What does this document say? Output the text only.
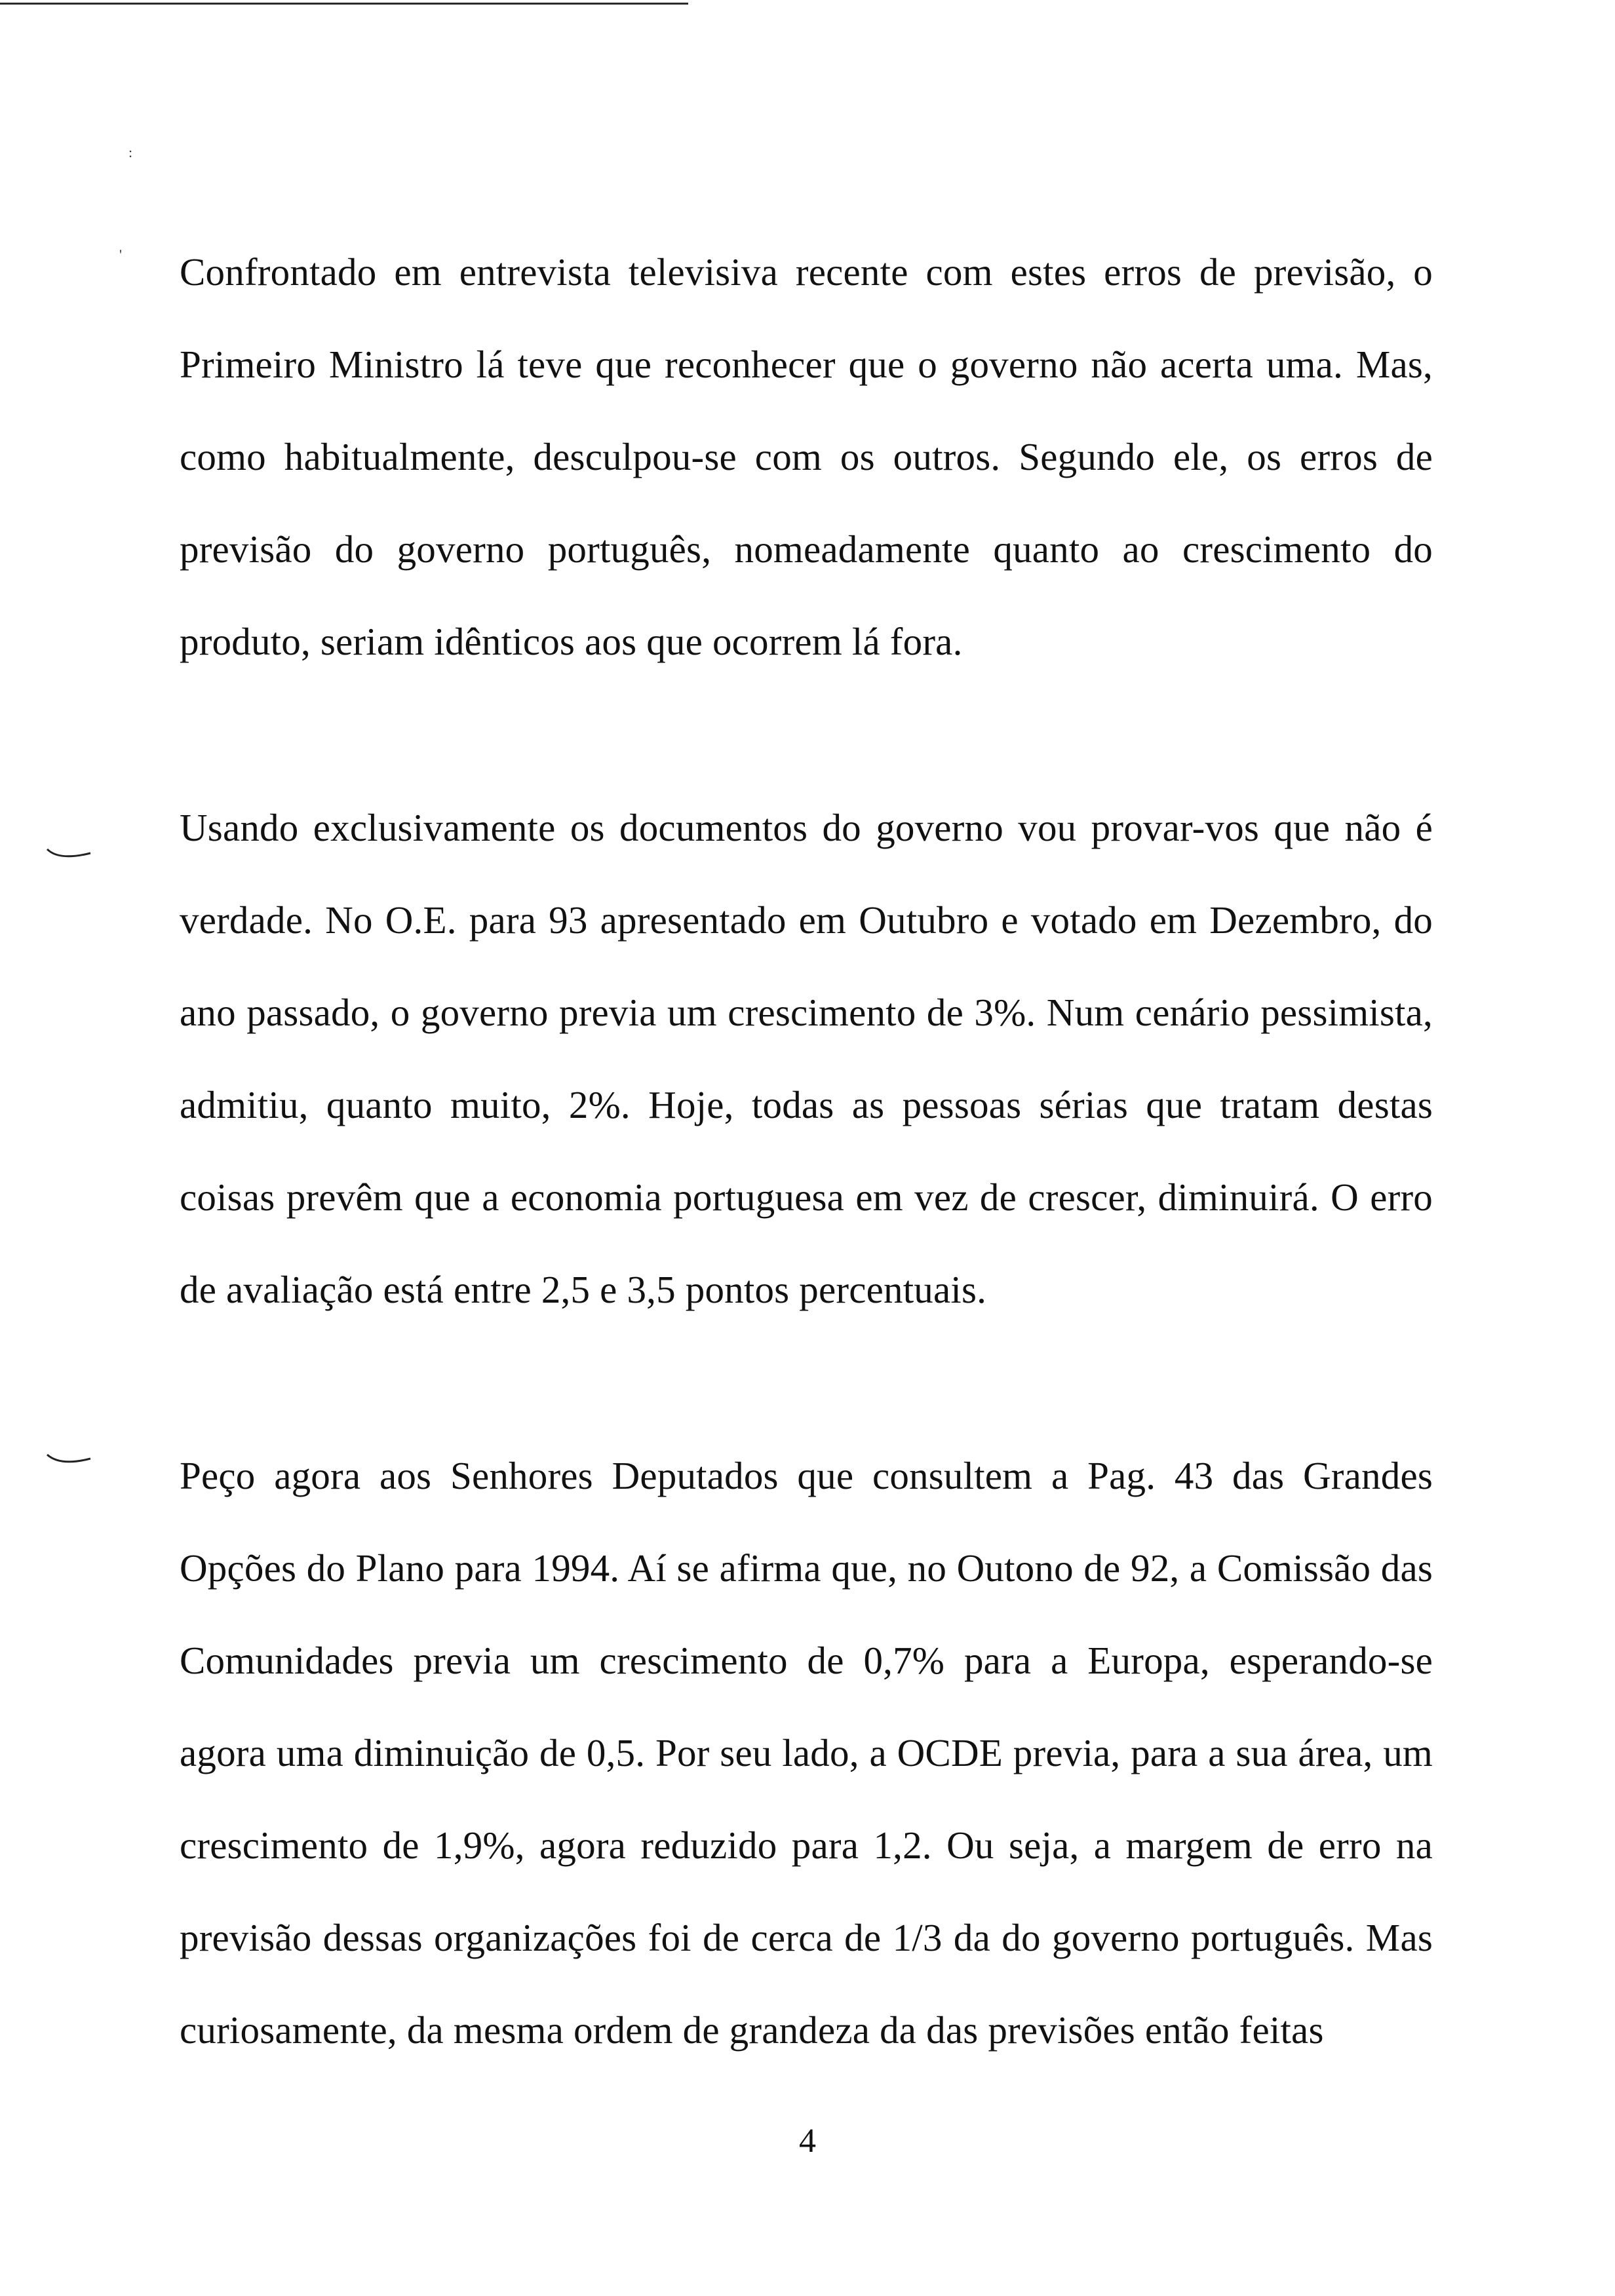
:
' Confrontado em entrevista televisiva recente com estes erros de previsão, o Primeiro Ministro lá teve que reconhecer que o governo não acerta uma. Mas, como habitualmente, desculpou-se com os outros. Segundo ele, os erros de previsão do governo português, nomeadamente quanto ao crescimento do produto, seriam idênticos aos que ocorrem lá fora.

Usando exclusivamente os documentos do governo vou provar-vos que não é verdade. No O.E. para 93 apresentado em Outubro e votado em Dezembro, do ano passado, o governo previa um crescimento de 3%. Num cenário pessimista, admitiu, quanto muito, 2%. Hoje, todas as pessoas sérias que tratam destas coisas prevêm que a economia portuguesa em vez de crescer, diminuirá. O erro de avaliação está entre 2,5 e 3,5 pontos percentuais.

Peço agora aos Senhores Deputados que consultem a Pag. 43 das Grandes Opções do Plano para 1994. Aí se afirma que, no Outono de 92, a Comissão das Comunidades previa um crescimento de 0,7% para a Europa, esperando-se agora uma diminuição de 0,5. Por seu lado, a OCDE previa, para a sua área, um crescimento de 1,9%, agora reduzido para 1,2. Ou seja, a margem de erro na previsão dessas organizações foi de cerca de 1/3 da do governo português. Mas curiosamente, da mesma ordem de grandeza da das previsões então feitas

4
